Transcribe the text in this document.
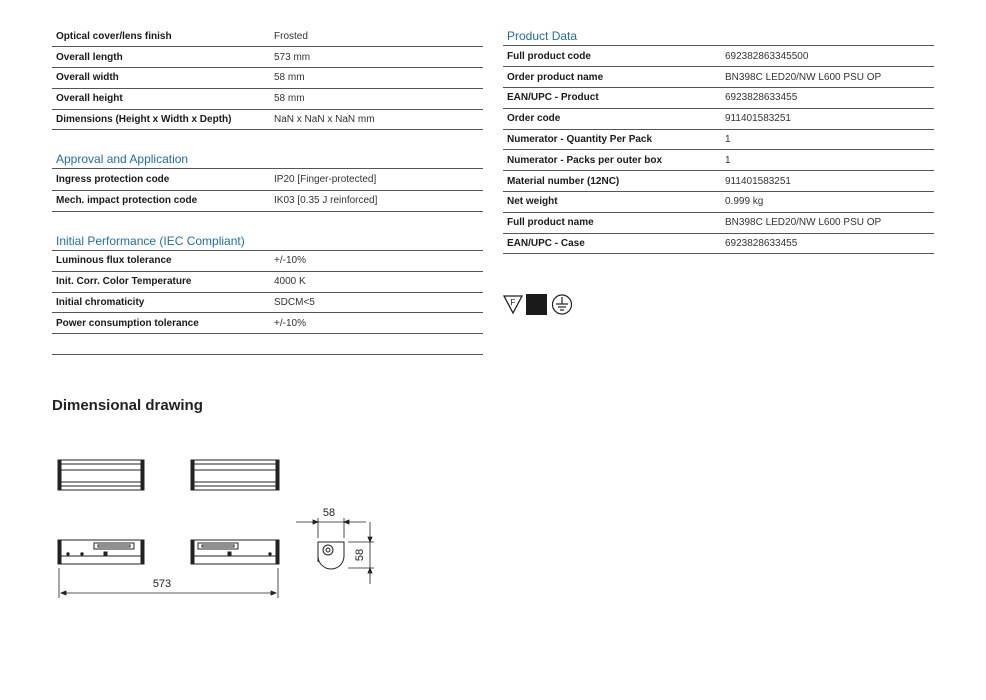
Optical cover/lens finish	Frosted
Overall length	573 mm
Overall width	58 mm
Overall height	58 mm
Dimensions (Height x Width x Depth)	NaN x NaN x NaN mm
Approval and Application
Ingress protection code	IP20 [Finger-protected]
Mech. impact protection code	IK03 [0.35 J reinforced]
Initial Performance (IEC Compliant)
Luminous flux tolerance	+/-10%
Init. Corr. Color Temperature	4000 K
Initial chromaticity	SDCM<5
Power consumption tolerance	+/-10%
Product Data
Full product code	692382863345500
Order product name	BN398C LED20/NW L600 PSU OP
EAN/UPC - Product	6923828633455
Order code	911401583251
Numerator - Quantity Per Pack	1
Numerator - Packs per outer box	1
Material number (12NC)	911401583251
Net weight	0.999 kg
Full product name	BN398C LED20/NW L600 PSU OP
EAN/UPC - Case	6923828633455
F
Dimensional drawing
573
58
58
